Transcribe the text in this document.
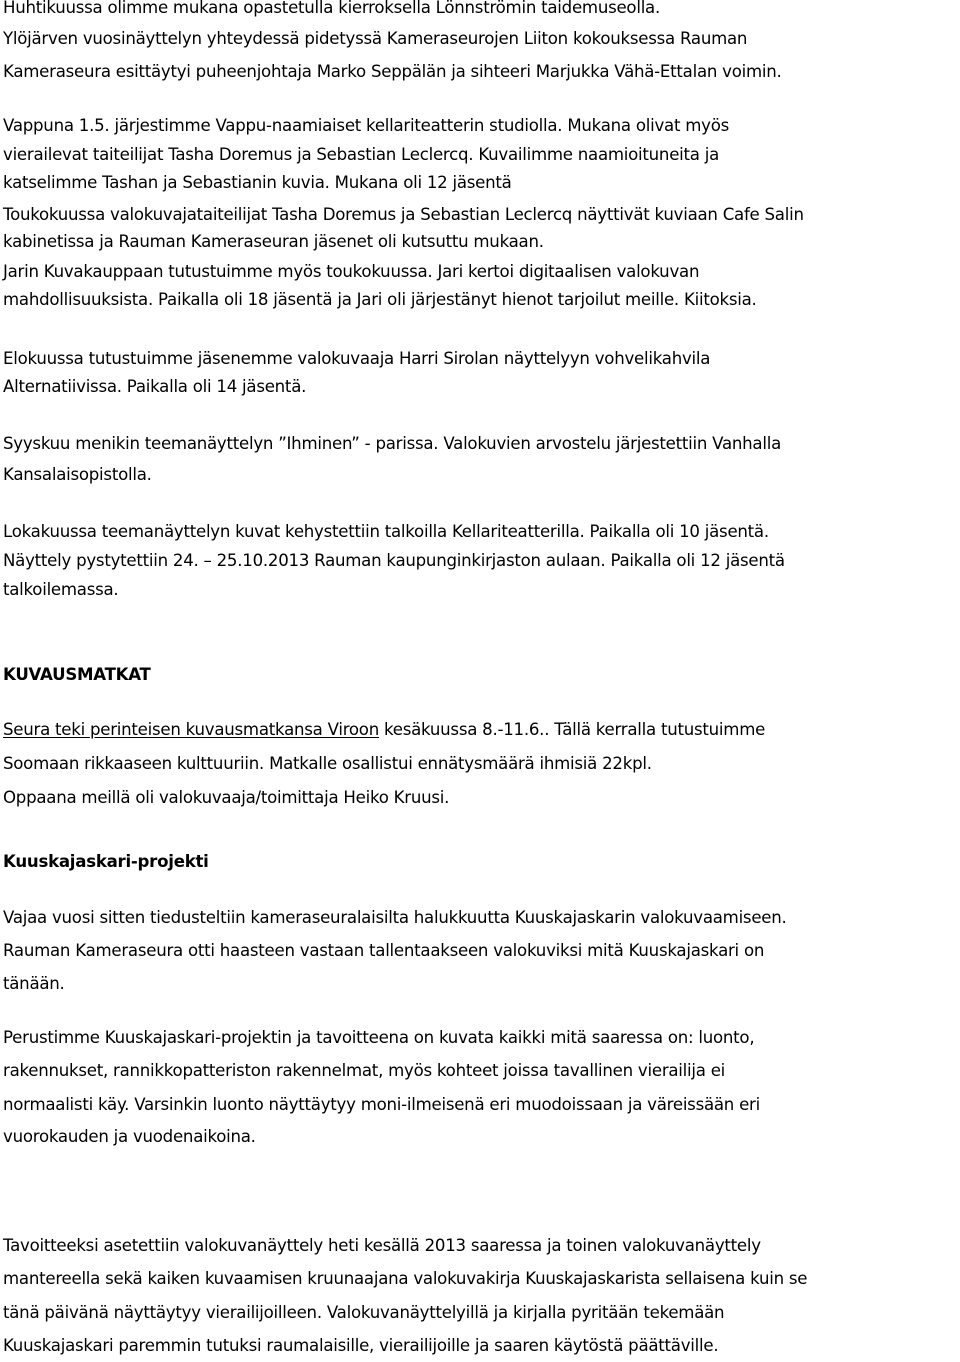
Huhtikuussa olimme mukana opastetulla kierroksella Lönnströmin taidemuseolla.
Ylöjärven vuosinäyttelyn yhteydessä pidetyssä Kameraseurojen Liiton kokouksessa Rauman
Kameraseura esittäytyi puheenjohtaja Marko Seppälän ja sihteeri Marjukka Vähä-Ettalan voimin.
Vappuna 1.5. järjestimme Vappu-naamiaiset kellariteatterin studiolla. Mukana olivat myös
vierailevat taiteilijat Tasha Doremus ja Sebastian Leclercq. Kuvailimme naamioituneita ja
katselimme Tashan ja Sebastianin kuvia. Mukana oli 12 jäsentä
Toukokuussa valokuvajataiteilijat Tasha Doremus ja Sebastian Leclercq näyttivät kuviaan Cafe Salin
kabinetissa ja Rauman Kameraseuran jäsenet oli kutsuttu mukaan.
Jarin Kuvakauppaan tutustuimme myös toukokuussa. Jari kertoi digitaalisen valokuvan
mahdollisuuksista. Paikalla oli 18 jäsentä ja Jari oli järjestänyt hienot tarjoilut meille. Kiitoksia.
Elokuussa tutustuimme jäsenemme valokuvaaja Harri Sirolan näyttelyyn vohvelikahvila
Alternatiivissa. Paikalla oli 14 jäsentä.
Syyskuu menikin teemanäyttelyn ”Ihminen” - parissa. Valokuvien arvostelu järjestettiin Vanhalla
Kansalaisopistolla.
Lokakuussa teemanäyttelyn kuvat kehystettiin talkoilla Kellariteatterilla. Paikalla oli 10 jäsentä.
Näyttely pystytettiin 24. – 25.10.2013 Rauman kaupunginkirjaston aulaan. Paikalla oli 12 jäsentä
talkoilemassa.
KUVAUSMATKAT
Seura teki perinteisen kuvausmatkansa Viroon kesäkuussa 8.-11.6.. Tällä kerralla tutustuimme
Soomaan rikkaaseen kulttuuriin. Matkalle osallistui ennätysmäärä ihmisiä 22kpl.
Oppaana meillä oli valokuvaaja/toimittaja Heiko Kruusi.
Kuuskajaskari-projekti
Vajaa vuosi sitten tiedusteltiin kameraseuralaisilta halukkuutta Kuuskajaskarin valokuvaamiseen.
Rauman Kameraseura otti haasteen vastaan tallentaakseen valokuviksi mitä Kuuskajaskari on
tänään.
Perustimme Kuuskajaskari-projektin ja tavoitteena on kuvata kaikki mitä saaressa on: luonto,
rakennukset, rannikkopatteriston rakennelmat, myös kohteet joissa tavallinen vierailija ei
normaalisti käy. Varsinkin luonto näyttäytyy moni-ilmeisenä eri muodoissaan ja väreissään eri
vuorokauden ja vuodenaikoina.
Tavoitteeksi asetettiin valokuvanäyttely heti kesällä 2013 saaressa ja toinen valokuvanäyttely
mantereella sekä kaiken kuvaamisen kruunaajana valokuvakirja Kuuskajaskarista sellaisena kuin se
tänä päivänä näyttäytyy vierailijoilleen. Valokuvanäyttelyillä ja kirjalla pyritään tekemään
Kuuskajaskari paremmin tutuksi raumalaisille, vierailijoille ja saaren käytöstä päättäville.
